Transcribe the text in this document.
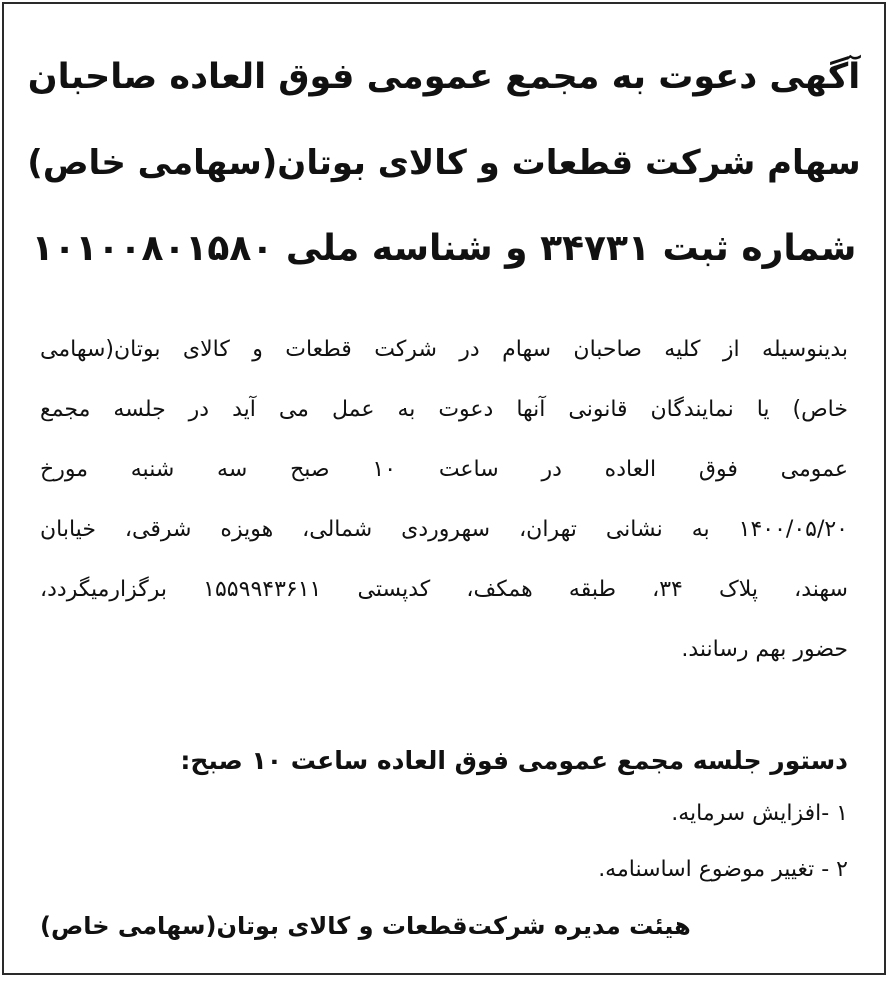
آگهی دعوت به مجمع عمومی فوق العاده صاحبان
سهام شرکت قطعات و کالای بوتان(سهامی خاص)
شماره ثبت ۳۴۷۳۱ و شناسه ملی ۱۰۱۰۰۸۰۱۵۸۰
بدینوسیله از کلیه صاحبان سهام در شرکت قطعات و کالای بوتان(سهامی
خاص) یا نمایندگان قانونی آنها دعوت به عمل می آید در جلسه مجمع
عمومی فوق العاده در ساعت ۱۰ صبح سه شنبه مورخ
۱۴۰۰/۰۵/۲۰ به نشانی تهران، سهروردی شمالی، هویزه شرقی، خیابان
سهند، پلاک ۳۴، طبقه همکف، کدپستی ۱۵۵۹۹۴۳۶۱۱ برگزارمیگردد،
حضور بهم رسانند.
دستور جلسه مجمع عمومی فوق العاده ساعت ۱۰ صبح:
۱ -افزایش سرمایه.
۲ - تغییر موضوع اساسنامه.
هیئت مدیره شرکت‌قطعات و کالای بوتان(سهامی خاص)
